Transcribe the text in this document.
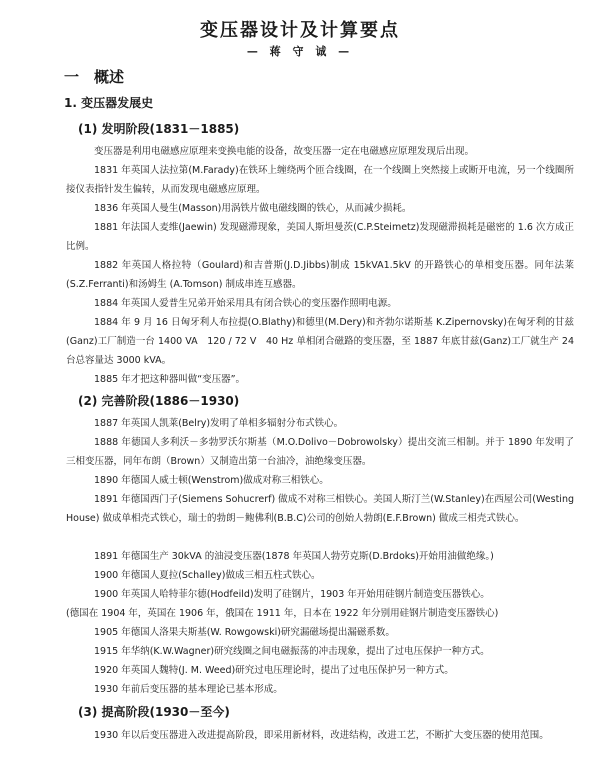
变压器设计及计算要点
— 蒋 守 诚 —
一　概述
1. 变压器发展史
(1) 发明阶段(1831－1885)
变压器是利用电磁感应原理来变换电能的设备，故变压器一定在电磁感应原理发现后出现。
1831 年英国人法拉第(M.Farady)在铁环上缠绕两个匝合线圈，在一个线圈上突然接上或断开电流，另一个线圈所接仪表指针发生偏转，从而发现电磁感应原理。
1836 年英国人曼生(Masson)用涡铁片做电磁线圈的铁心，从而减少损耗。
1881 年法国人麦维(Jaewin) 发现磁滞现象，美国人斯坦曼茨(C.P.Steimetz)发现磁滞损耗是磁密的 1.6 次方成正比例。
1882 年英国人格拉特（Goulard)和吉普斯(J.D.Jibbs)制成 15kVA1.5kV 的开路铁心的单相变压器。同年法莱(S.Z.Ferranti)和汤姆生 (A.Tomson) 制成串连互感器。
1884 年英国人爱普生兄弟开始采用具有闭合铁心的变压器作照明电源。
1884 年 9 月 16 日匈牙利人布拉提(O.Blathy)和德里(M.Dery)和齐勃尔诺斯基 K.Zipernovsky)在匈牙利的甘兹(Ganz)工厂制造一台 1400 VA　120 / 72 V　40 Hz 单相闭合磁路的变压器，至 1887 年底甘兹(Ganz)工厂就生产 24 台总容量达 3000 kVA。
1885 年才把这种器叫做“变压器”。
(2) 完善阶段(1886－1930)
1887 年英国人凯莱(Belry)发明了单相多辐射分布式铁心。
1888 年德国人多利沃－多勃罗沃尔斯基（M.O.Dolivo－Dobrowolsky）提出交流三相制。并于 1890 年发明了三相变压器，同年布朗（Brown）又制造出第一台油冷，油绝缘变压器。
1890 年德国人威士顿(Wenstrom)做成对称三相铁心。
1891 年德国西门子(Siemens Sohucrerf) 做成不对称三相铁心。美国人斯汀兰(W.Stanley)在西屋公司(Westing House) 做成单相壳式铁心，瑞士的勃朗－鲍佛利(B.B.C)公司的创始人勃朗(E.F.Brown) 做成三相壳式铁心。
1891 年德国生产 30kVA 的油浸变压器(1878 年英国人勃劳克斯(D.Brdoks)开始用油做绝缘。)
1900 年德国人夏拉(Schalley)做成三相五柱式铁心。
1900 年英国人哈特菲尔德(Hodfeild)发明了硅钢片，1903 年开始用硅钢片制造变压器铁心。
(德国在 1904 年，英国在 1906 年，俄国在 1911 年，日本在 1922 年分别用硅钢片制造变压器铁心)
1905 年德国人洛果夫斯基(W. Rowgowski)研究漏磁场提出漏磁系数。
1915 年华纳(K.W.Wagner)研究线圈之间电磁振荡的冲击现象，提出了过电压保护一种方式。
1920 年英国人魏特(J. M. Weed)研究过电压理论时，提出了过电压保护另一种方式。
1930 年前后变压器的基本理论已基本形成。
(3) 提高阶段(1930－至今)
1930 年以后变压器进入改进提高阶段，即采用新材料，改进结构，改进工艺，不断扩大变压器的使用范围。
